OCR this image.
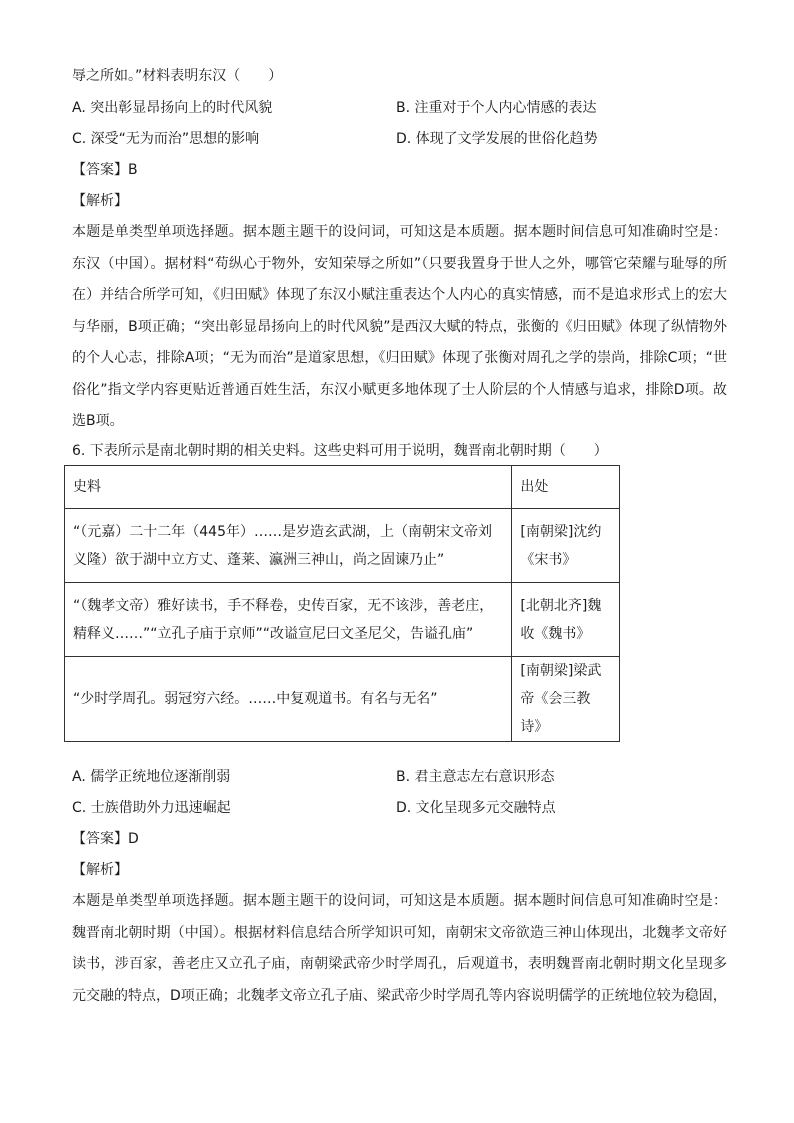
辱之所如。”材料表明东汉（　　）
A. 突出彰显昂扬向上的时代风貌	B. 注重对于个人内心情感的表达
C. 深受“无为而治”思想的影响	D. 体现了文学发展的世俗化趋势
【答案】B
【解析】
本题是单类型单项选择题。据本题主题干的设问词，可知这是本质题。据本题时间信息可知准确时空是：东汉（中国）。据材料“苟纵心于物外，安知荣辱之所如”（只要我置身于世人之外，哪管它荣耀与耻辱的所在）并结合所学可知，《归田赋》体现了东汉小赋注重表达个人内心的真实情感，而不是追求形式上的宏大与华丽，B项正确；“突出彰显昂扬向上的时代风貌”是西汉大赋的特点，张衡的《归田赋》体现了纵情物外的个人心志，排除A项；“无为而治”是道家思想，《归田赋》体现了张衡对周孔之学的崇尚，排除C项；“世俗化”指文学内容更贴近普通百姓生活，东汉小赋更多地体现了士人阶层的个人情感与追求，排除D项。故选B项。
6. 下表所示是南北朝时期的相关史料。这些史料可用于说明，魏晋南北朝时期（　　）
史料	出处
“（元嘉）二十二年（445年）……是岁造玄武湖，上（南朝宋文帝刘义隆）欲于湖中立方丈、蓬莱、瀛洲三神山，尚之固谏乃止”	[南朝梁]沈约《宋书》
“（魏孝文帝）雅好读书，手不释卷，史传百家，无不该涉，善老庄，精释义……”“立孔子庙于京师”“改谥宣尼曰文圣尼父，告谥孔庙”	[北朝北齐]魏收《魏书》
“少时学周孔。弱冠穷六经。……中复观道书。有名与无名”	[南朝梁]梁武帝《会三教诗》
A. 儒学正统地位逐渐削弱	B. 君主意志左右意识形态
C. 士族借助外力迅速崛起	D. 文化呈现多元交融特点
【答案】D
【解析】
本题是单类型单项选择题。据本题主题干的设问词，可知这是本质题。据本题时间信息可知准确时空是：魏晋南北朝时期（中国）。根据材料信息结合所学知识可知，南朝宋文帝欲造三神山体现出，北魏孝文帝好读书，涉百家，善老庄又立孔子庙，南朝梁武帝少时学周孔，后观道书，表明魏晋南北朝时期文化呈现多元交融的特点，D项正确；北魏孝文帝立孔子庙、梁武帝少时学周孔等内容说明儒学的正统地位较为稳固，
